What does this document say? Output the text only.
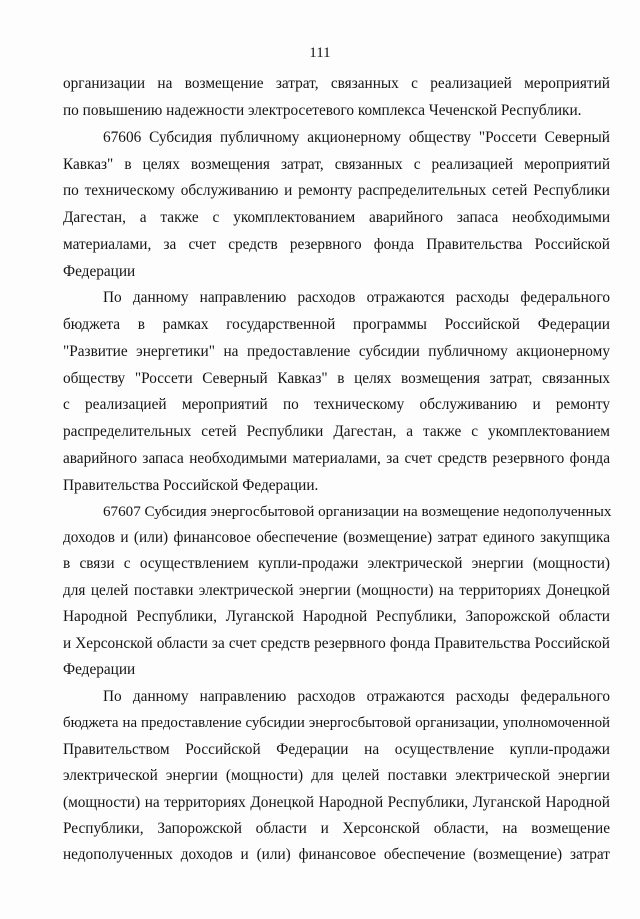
111
организации на возмещение затрат, связанных с реализацией мероприятий
по повышению надежности электросетевого комплекса Чеченской Республики.
67606 Субсидия публичному акционерному обществу "Россети Северный
Кавказ" в целях возмещения затрат, связанных с реализацией мероприятий
по техническому обслуживанию и ремонту распределительных сетей Республики
Дагестан, а также с укомплектованием аварийного запаса необходимыми
материалами, за счет средств резервного фонда Правительства Российской
Федерации
По данному направлению расходов отражаются расходы федерального
бюджета в рамках государственной программы Российской Федерации
"Развитие энергетики" на предоставление субсидии публичному акционерному
обществу "Россети Северный Кавказ" в целях возмещения затрат, связанных
с реализацией мероприятий по техническому обслуживанию и ремонту
распределительных сетей Республики Дагестан, а также с укомплектованием
аварийного запаса необходимыми материалами, за счет средств резервного фонда
Правительства Российской Федерации.
67607 Субсидия энергосбытовой организации на возмещение недополученных
доходов и (или) финансовое обеспечение (возмещение) затрат единого закупщика
в связи с осуществлением купли-продажи электрической энергии (мощности)
для целей поставки электрической энергии (мощности) на территориях Донецкой
Народной Республики, Луганской Народной Республики, Запорожской области
и Херсонской области за счет средств резервного фонда Правительства Российской
Федерации
По данному направлению расходов отражаются расходы федерального
бюджета на предоставление субсидии энергосбытовой организации, уполномоченной
Правительством Российской Федерации на осуществление купли-продажи
электрической энергии (мощности) для целей поставки электрической энергии
(мощности) на территориях Донецкой Народной Республики, Луганской Народной
Республики, Запорожской области и Херсонской области, на возмещение
недополученных доходов и (или) финансовое обеспечение (возмещение) затрат
